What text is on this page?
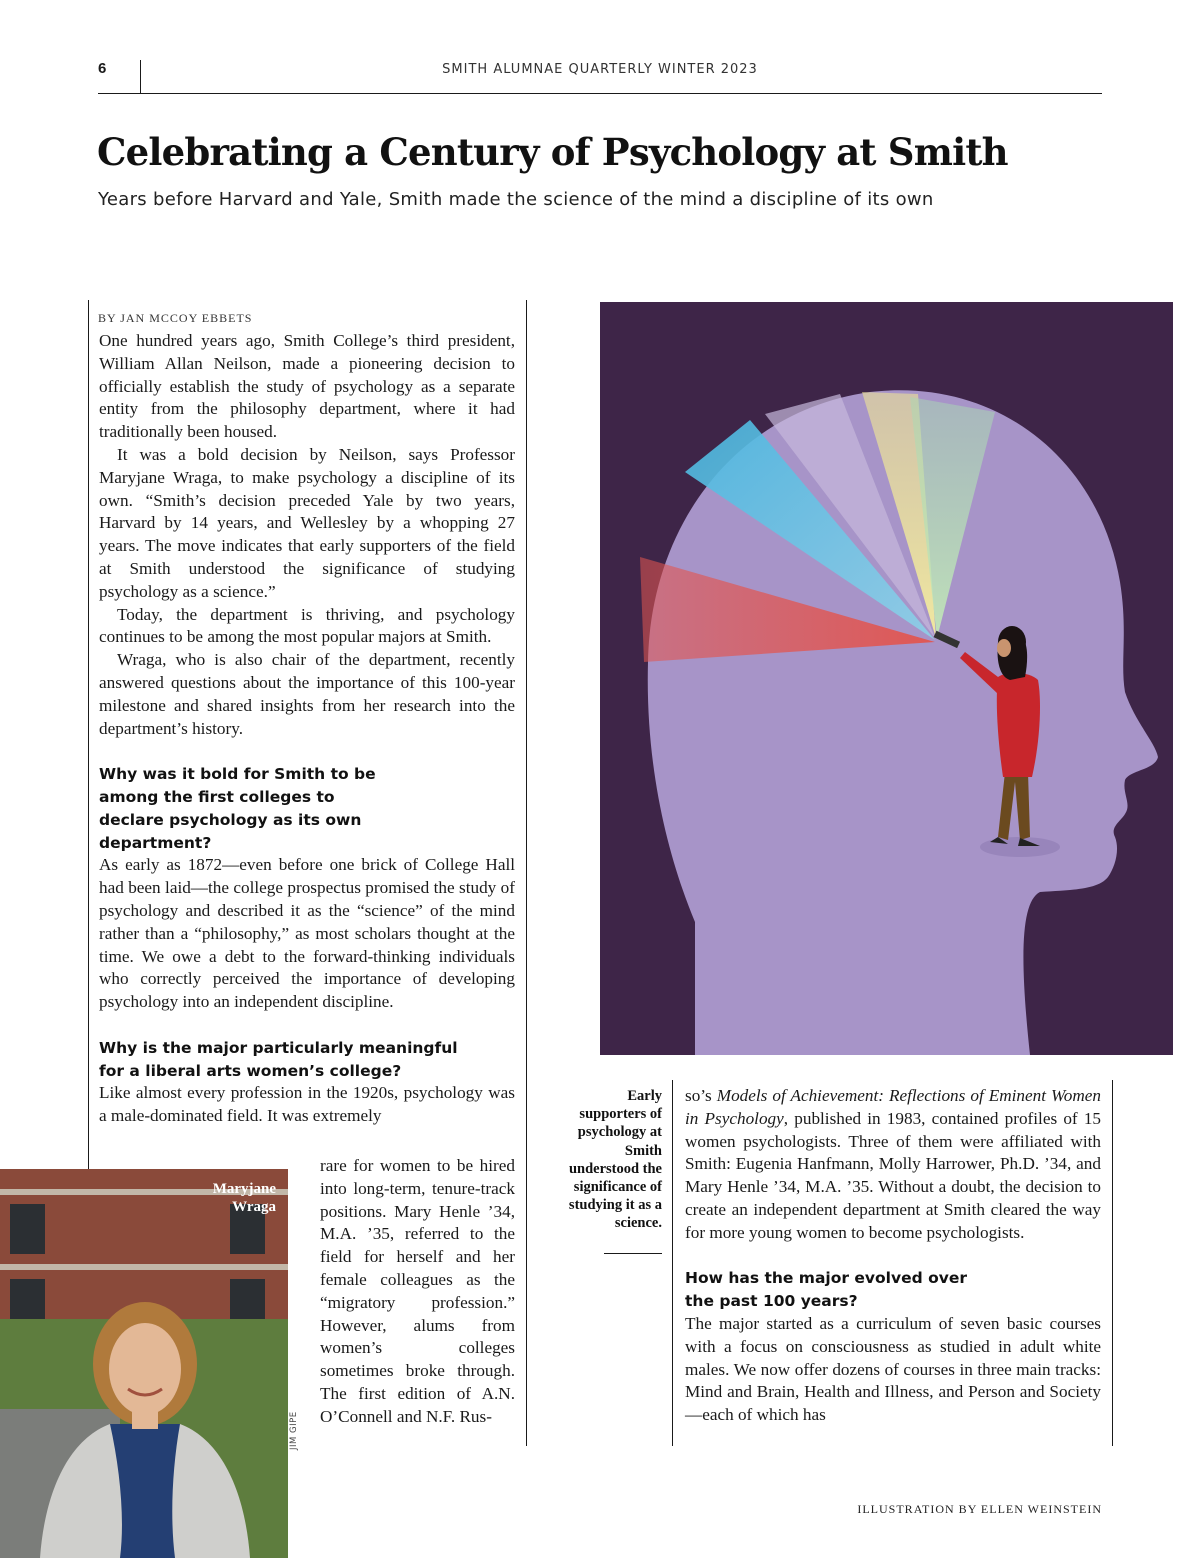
6	SMITH ALUMNAE QUARTERLY WINTER 2023
Celebrating a Century of Psychology at Smith

Years before Harvard and Yale, Smith made the science of the mind a discipline of its own

BY JAN MCCOY EBBETS

One hundred years ago, Smith College’s third president, William Allan Neilson, made a pioneering decision to officially establish the study of psychology as a separate entity from the philosophy department, where it had traditionally been housed.

It was a bold decision by Neilson, says Professor Maryjane Wraga, to make psychology a discipline of its own. “Smith’s decision preceded Yale by two years, Harvard by 14 years, and Wellesley by a whopping 27 years. The move indicates that early supporters of the field at Smith understood the significance of studying psychology as a science.”

Today, the department is thriving, and psychology continues to be among the most popular majors at Smith.

Wraga, who is also chair of the department, recently answered questions about the importance of this 100-year milestone and shared insights from her research into the department’s history.

Why was it bold for Smith to be among the first colleges to declare psychology as its own department?

As early as 1872—even before one brick of College Hall had been laid—the college prospectus promised the study of psychology and described it as the “science” of the mind rather than a “philosophy,” as most scholars thought at the time. We owe a debt to the forward-thinking individuals who correctly perceived the importance of developing psychology into an independent discipline.

Why is the major particularly meaningful for a liberal arts women’s college?

Like almost every profession in the 1920s, psychology was a male-dominated field. It was extremely

rare for women to be hired into long-term, tenure-track positions. Mary Henle ’34, M.A. ’35, referred to the field for herself and her female colleagues as the “migratory profession.” However, alums from women’s colleges sometimes broke through. The first edition of A.N. O’Connell and N.F. Rus-

Maryjane Wraga
JIM GIPE
Early supporters of psychology at Smith understood the significance of studying it as a science.

so’s Models of Achievement: Reflections of Eminent Women in Psychology, published in 1983, contained profiles of 15 women psychologists. Three of them were affiliated with Smith: Eugenia Hanfmann, Molly Harrower, Ph.D. ’34, and Mary Henle ’34, M.A. ’35. Without a doubt, the decision to create an independent department at Smith cleared the way for more young women to become psychologists.

How has the major evolved over the past 100 years?

The major started as a curriculum of seven basic courses with a focus on consciousness as studied in adult white males. We now offer dozens of courses in three main tracks: Mind and Brain, Health and Illness, and Person and Society—each of which has

ILLUSTRATION BY ELLEN WEINSTEIN
